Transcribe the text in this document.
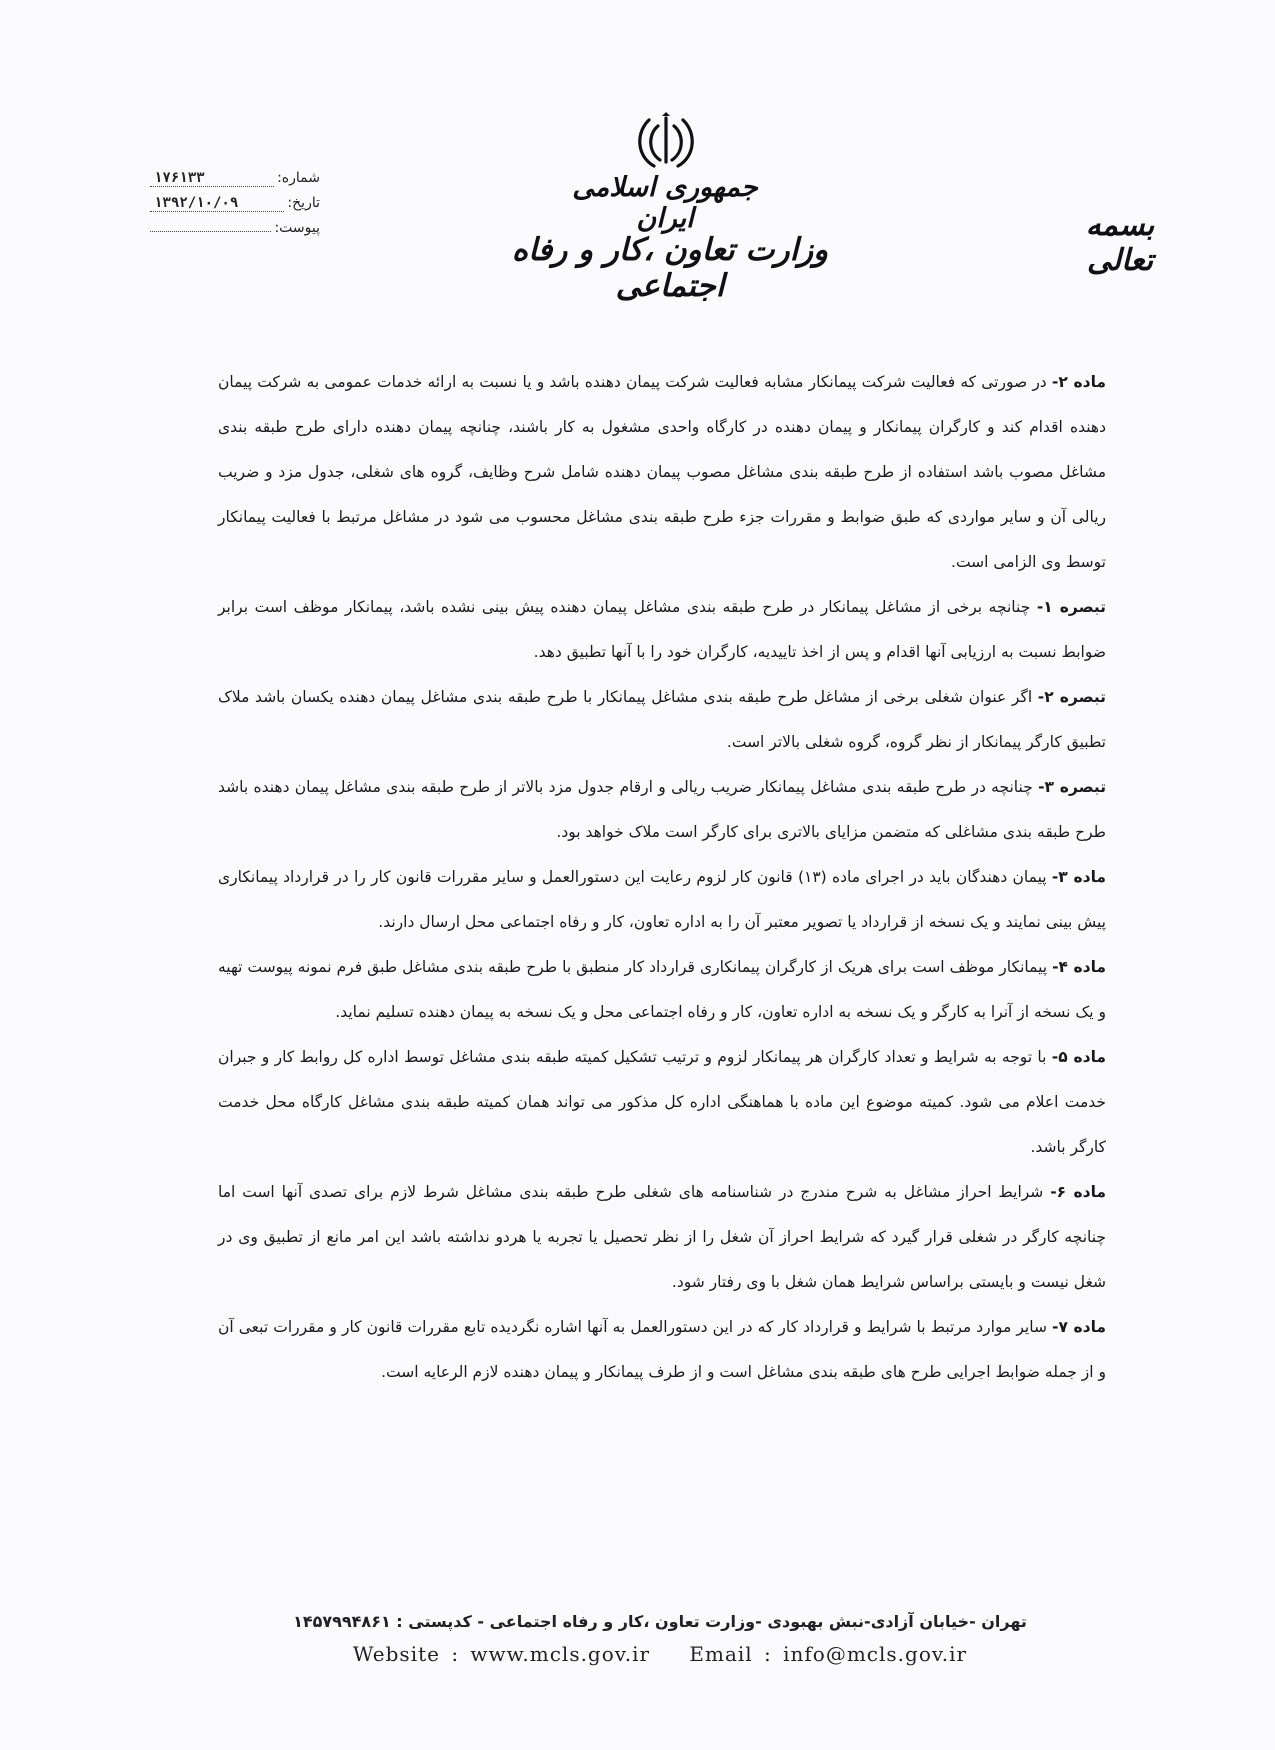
جمهوری اسلامی ایران
وزارت تعاون ،کار و رفاه اجتماعی
بسمه تعالی
شماره:
۱۷۶۱۳۳
تاریخ:
۱۳۹۲/۱۰/۰۹
پیوست:

ماده ۲- در صورتی که فعالیت شرکت پیمانکار مشابه فعالیت شرکت پیمان دهنده باشد و یا نسبت به ارائه خدمات عمومی به شرکت پیمان دهنده اقدام کند و کارگران پیمانکار و پیمان دهنده در کارگاه واحدی مشغول به کار باشند، چنانچه پیمان دهنده دارای طرح طبقه بندی مشاغل مصوب باشد استفاده از طرح طبقه بندی مشاغل مصوب پیمان دهنده شامل شرح وظایف، گروه های شغلی، جدول مزد و ضریب ریالی آن و سایر مواردی که طبق ضوابط و مقررات جزء طرح طبقه بندی مشاغل محسوب می شود در مشاغل مرتبط با فعالیت پیمانکار توسط وی الزامی است.

تبصره ۱- چنانچه برخی از مشاغل پیمانکار در طرح طبقه بندی مشاغل پیمان دهنده پیش بینی نشده باشد، پیمانکار موظف است برابر ضوابط نسبت به ارزیابی آنها اقدام و پس از اخذ تاییدیه، کارگران خود را با آنها تطبیق دهد.

تبصره ۲- اگر عنوان شغلی برخی از مشاغل طرح طبقه بندی مشاغل پیمانکار با طرح طبقه بندی مشاغل پیمان دهنده یکسان باشد ملاک تطبیق کارگر پیمانکار از نظر گروه، گروه شغلی بالاتر است.

تبصره ۳- چنانچه در طرح طبقه بندی مشاغل پیمانکار ضریب ریالی و ارقام جدول مزد بالاتر از طرح طبقه بندی مشاغل پیمان دهنده باشد طرح طبقه بندی مشاغلی که متضمن مزایای بالاتری برای کارگر است ملاک خواهد بود.

ماده ۳- پیمان دهندگان باید در اجرای ماده (۱۳) قانون کار لزوم رعایت این دستورالعمل و سایر مقررات قانون کار را در قرارداد پیمانکاری پیش بینی نمایند و یک نسخه از قرارداد یا تصویر معتبر آن را به اداره تعاون، کار و رفاه اجتماعی محل ارسال دارند.

ماده ۴- پیمانکار موظف است برای هریک از کارگران پیمانکاری قرارداد کار منطبق با طرح طبقه بندی مشاغل طبق فرم نمونه پیوست تهیه و یک نسخه از آنرا به کارگر و یک نسخه به اداره تعاون، کار و رفاه اجتماعی محل و یک نسخه به پیمان دهنده تسلیم نماید.

ماده ۵- با توجه به شرایط و تعداد کارگران هر پیمانکار لزوم و ترتیب تشکیل کمیته طبقه بندی مشاغل توسط اداره کل روابط کار و جبران خدمت اعلام می شود. کمیته موضوع این ماده با هماهنگی اداره کل مذکور می تواند همان کمیته طبقه بندی مشاغل کارگاه محل خدمت کارگر باشد.

ماده ۶- شرایط احراز مشاغل به شرح مندرج در شناسنامه های شغلی طرح طبقه بندی مشاغل شرط لازم برای تصدی آنها است اما چنانچه کارگر در شغلی قرار گیرد که شرایط احراز آن شغل را از نظر تحصیل یا تجربه یا هردو نداشته باشد این امر مانع از تطبیق وی در شغل نیست و بایستی براساس شرایط همان شغل با وی رفتار شود.

ماده ۷- سایر موارد مرتبط با شرایط و قرارداد کار که در این دستورالعمل به آنها اشاره نگردیده تابع مقررات قانون کار و مقررات تبعی آن و از جمله ضوابط اجرایی طرح های طبقه بندی مشاغل است و از طرف پیمانکار و پیمان دهنده لازم الرعایه است.

تهران -خیابان آزادی-نبش بهبودی -وزارت تعاون ،کار و رفاه اجتماعی - کدپستی : ۱۴۵۷۹۹۴۸۶۱
Website : www.mcls.gov.ir Email : info@mcls.gov.ir
